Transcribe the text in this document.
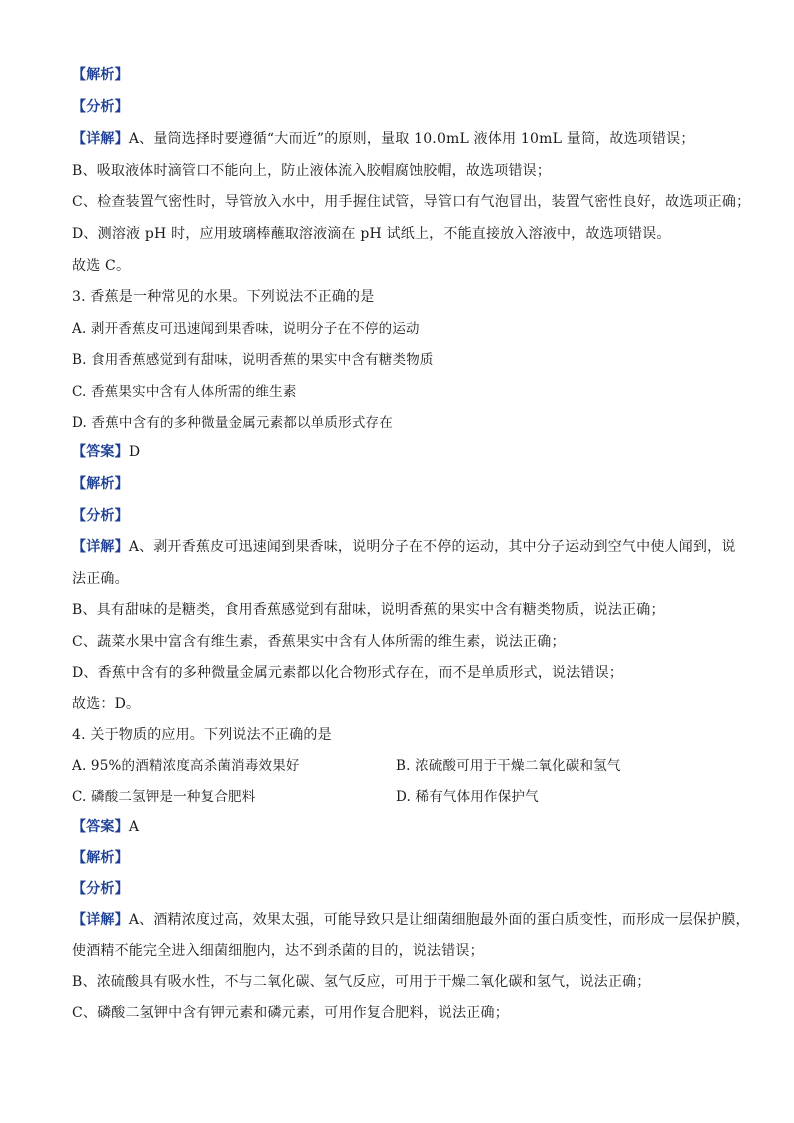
【解析】
【分析】
【详解】A、量筒选择时要遵循“大而近”的原则，量取 10.0mL 液体用 10mL 量筒，故选项错误；
B、吸取液体时滴管口不能向上，防止液体流入胶帽腐蚀胶帽，故选项错误；
C、检查装置气密性时，导管放入水中，用手握住试管，导管口有气泡冒出，装置气密性良好，故选项正确；
D、测溶液 pH 时，应用玻璃棒蘸取溶液滴在 pH 试纸上，不能直接放入溶液中，故选项错误。
故选 C。
3. 香蕉是一种常见的水果。下列说法不正确的是
A. 剥开香蕉皮可迅速闻到果香味，说明分子在不停的运动
B. 食用香蕉感觉到有甜味，说明香蕉的果实中含有糖类物质
C. 香蕉果实中含有人体所需的维生素
D. 香蕉中含有的多种微量金属元素都以单质形式存在
【答案】D
【解析】
【分析】
【详解】A、剥开香蕉皮可迅速闻到果香味，说明分子在不停的运动，其中分子运动到空气中使人闻到，说
法正确。
B、具有甜味的是糖类，食用香蕉感觉到有甜味，说明香蕉的果实中含有糖类物质，说法正确；
C、蔬菜水果中富含有维生素，香蕉果实中含有人体所需的维生素，说法正确；
D、香蕉中含有的多种微量金属元素都以化合物形式存在，而不是单质形式，说法错误；
故选：D。
4. 关于物质的应用。下列说法不正确的是
A. 95%的酒精浓度高杀菌消毒效果好	B. 浓硫酸可用于干燥二氧化碳和氢气
C. 磷酸二氢钾是一种复合肥料	D. 稀有气体用作保护气
【答案】A
【解析】
【分析】
【详解】A、酒精浓度过高，效果太强，可能导致只是让细菌细胞最外面的蛋白质变性，而形成一层保护膜，
使酒精不能完全进入细菌细胞内，达不到杀菌的目的，说法错误；
B、浓硫酸具有吸水性，不与二氧化碳、氢气反应，可用于干燥二氧化碳和氢气，说法正确；
C、磷酸二氢钾中含有钾元素和磷元素，可用作复合肥料，说法正确；
